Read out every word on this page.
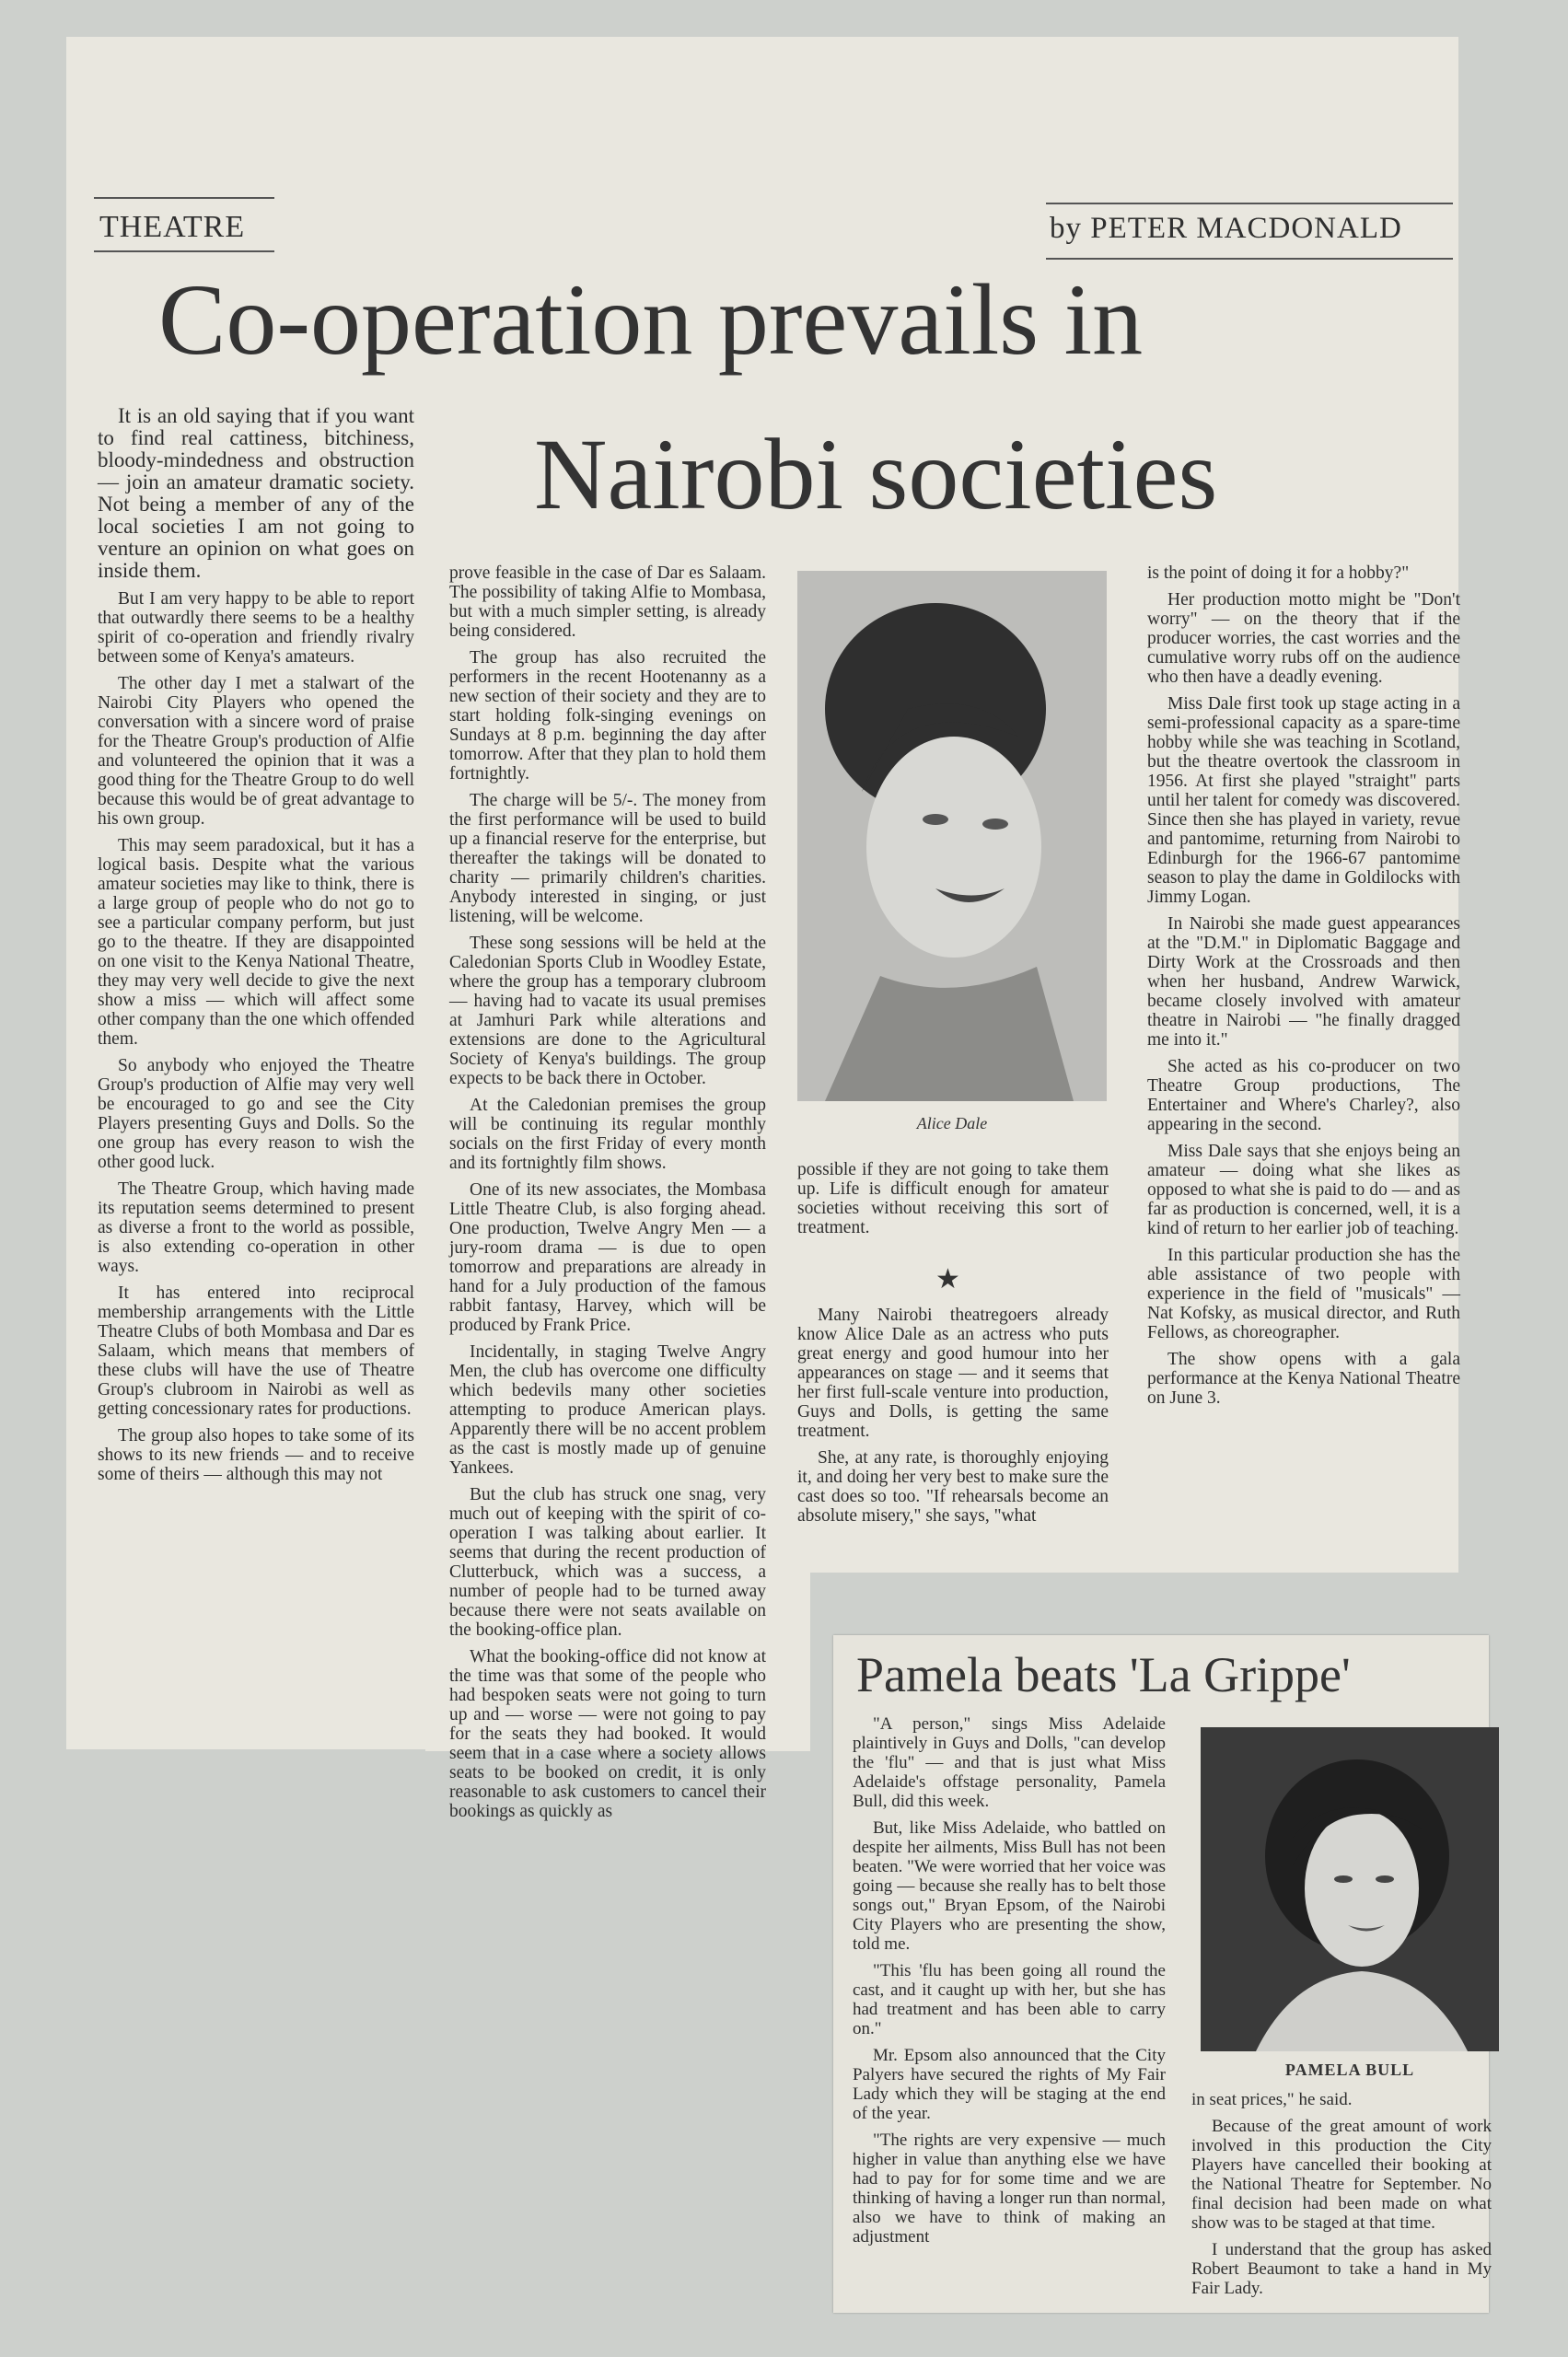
THEATRE	by PETER MACDONALD
Co-operation prevails in
Nairobi societies

It is an old saying that if you want to find real cattiness, bitchiness, bloody-mindedness and obstruction — join an amateur dramatic society. Not being a member of any of the local societies I am not going to venture an opinion on what goes on inside them.

But I am very happy to be able to report that outwardly there seems to be a healthy spirit of co-operation and friendly rivalry between some of Kenya's amateurs.

The other day I met a stalwart of the Nairobi City Players who opened the conversation with a sincere word of praise for the Theatre Group's production of Alfie and volunteered the opinion that it was a good thing for the Theatre Group to do well because this would be of great advantage to his own group.

This may seem paradoxical, but it has a logical basis. Despite what the various amateur societies may like to think, there is a large group of people who do not go to see a particular company perform, but just go to the theatre. If they are disappointed on one visit to the Kenya National Theatre, they may very well decide to give the next show a miss — which will affect some other company than the one which offended them.

So anybody who enjoyed the Theatre Group's production of Alfie may very well be encouraged to go and see the City Players presenting Guys and Dolls. So the one group has every reason to wish the other good luck.

The Theatre Group, which having made its reputation seems determined to present as diverse a front to the world as possible, is also extending co-operation in other ways.

It has entered into reciprocal membership arrangements with the Little Theatre Clubs of both Mombasa and Dar es Salaam, which means that members of these clubs will have the use of Theatre Group's clubroom in Nairobi as well as getting concessionary rates for productions.

The group also hopes to take some of its shows to its new friends — and to receive some of theirs — although this may not

prove feasible in the case of Dar es Salaam. The possibility of taking Alfie to Mombasa, but with a much simpler setting, is already being considered.

The group has also recruited the performers in the recent Hootenanny as a new section of their society and they are to start holding folk-singing evenings on Sundays at 8 p.m. beginning the day after tomorrow. After that they plan to hold them fortnightly.

The charge will be 5/-. The money from the first performance will be used to build up a financial reserve for the enterprise, but thereafter the takings will be donated to charity — primarily children's charities. Anybody interested in singing, or just listening, will be welcome.

These song sessions will be held at the Caledonian Sports Club in Woodley Estate, where the group has a temporary clubroom — having had to vacate its usual premises at Jamhuri Park while alterations and extensions are done to the Agricultural Society of Kenya's buildings. The group expects to be back there in October.

At the Caledonian premises the group will be continuing its regular monthly socials on the first Friday of every month and its fortnightly film shows.

One of its new associates, the Mombasa Little Theatre Club, is also forging ahead. One production, Twelve Angry Men — a jury-room drama — is due to open tomorrow and preparations are already in hand for a July production of the famous rabbit fantasy, Harvey, which will be produced by Frank Price.

Incidentally, in staging Twelve Angry Men, the club has overcome one difficulty which bedevils many other societies attempting to produce American plays. Apparently there will be no accent problem as the cast is mostly made up of genuine Yankees.

But the club has struck one snag, very much out of keeping with the spirit of co-operation I was talking about earlier. It seems that during the recent production of Clutterbuck, which was a success, a number of people had to be turned away because there were not seats available on the booking-office plan.

What the booking-office did not know at the time was that some of the people who had bespoken seats were not going to turn up and — worse — were not going to pay for the seats they had booked. It would seem that in a case where a society allows seats to be booked on credit, it is only reasonable to ask customers to cancel their bookings as quickly as

Alice Dale

possible if they are not going to take them up. Life is difficult enough for amateur societies without receiving this sort of treatment.

★

Many Nairobi theatregoers already know Alice Dale as an actress who puts great energy and good humour into her appearances on stage — and it seems that her first full-scale venture into production, Guys and Dolls, is getting the same treatment.

She, at any rate, is thoroughly enjoying it, and doing her very best to make sure the cast does so too. "If rehearsals become an absolute misery," she says, "what

is the point of doing it for a hobby?"

Her production motto might be "Don't worry" — on the theory that if the producer worries, the cast worries and the cumulative worry rubs off on the audience who then have a deadly evening.

Miss Dale first took up stage acting in a semi-professional capacity as a spare-time hobby while she was teaching in Scotland, but the theatre overtook the classroom in 1956. At first she played "straight" parts until her talent for comedy was discovered. Since then she has played in variety, revue and pantomime, returning from Nairobi to Edinburgh for the 1966-67 pantomime season to play the dame in Goldilocks with Jimmy Logan.

In Nairobi she made guest appearances at the "D.M." in Diplomatic Baggage and Dirty Work at the Crossroads and then when her husband, Andrew Warwick, became closely involved with amateur theatre in Nairobi — "he finally dragged me into it."

She acted as his co-producer on two Theatre Group productions, The Entertainer and Where's Charley?, also appearing in the second.

Miss Dale says that she enjoys being an amateur — doing what she likes as opposed to what she is paid to do — and as far as production is concerned, well, it is a kind of return to her earlier job of teaching.

In this particular production she has the able assistance of two people with experience in the field of "musicals" — Nat Kofsky, as musical director, and Ruth Fellows, as choreographer.

The show opens with a gala performance at the Kenya National Theatre on June 3.

Pamela beats 'La Grippe'

"A person," sings Miss Adelaide plaintively in Guys and Dolls, "can develop the 'flu" — and that is just what Miss Adelaide's offstage personality, Pamela Bull, did this week.

But, like Miss Adelaide, who battled on despite her ailments, Miss Bull has not been beaten. "We were worried that her voice was going — because she really has to belt those songs out," Bryan Epsom, of the Nairobi City Players who are presenting the show, told me.

"This 'flu has been going all round the cast, and it caught up with her, but she has had treatment and has been able to carry on."

Mr. Epsom also announced that the City Palyers have secured the rights of My Fair Lady which they will be staging at the end of the year.

"The rights are very expensive — much higher in value than anything else we have had to pay for for some time and we are thinking of having a longer run than normal, also we have to think of making an adjustment

PAMELA BULL

in seat prices," he said.

Because of the great amount of work involved in this production the City Players have cancelled their booking at the National Theatre for September. No final decision had been made on what show was to be staged at that time.

I understand that the group has asked Robert Beaumont to take a hand in My Fair Lady.
